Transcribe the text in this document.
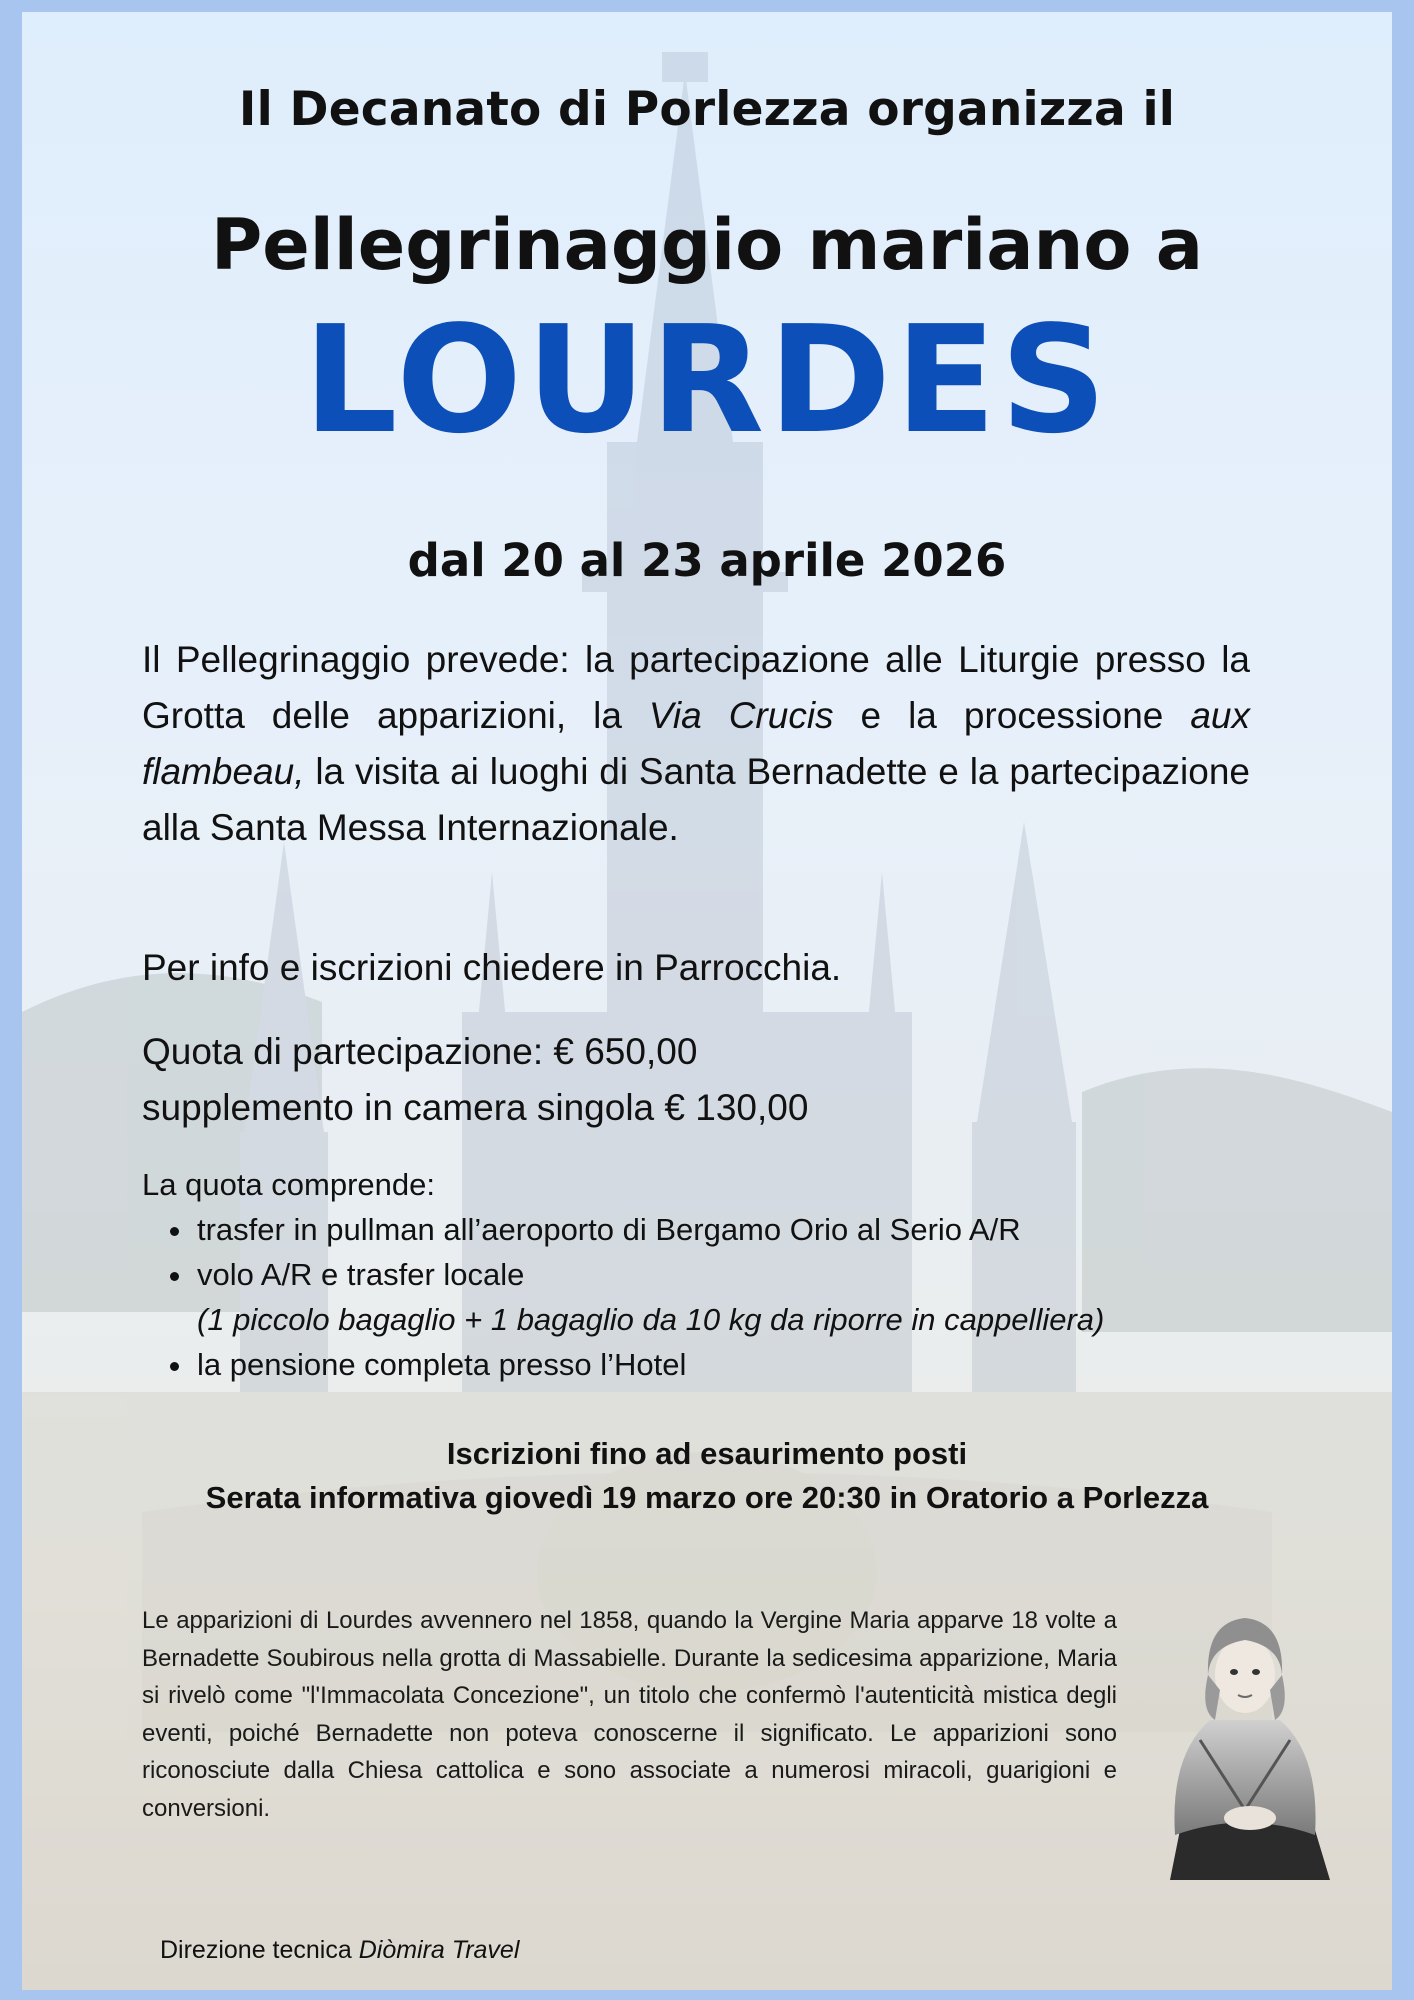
Il Decanato di Porlezza organizza il
Pellegrinaggio mariano a
LOURDES
dal 20 al 23 aprile 2026
Il Pellegrinaggio prevede: la partecipazione alle Liturgie presso la Grotta delle apparizioni, la Via Crucis e la processione aux flambeau, la visita ai luoghi di Santa Bernadette e la partecipazione alla Santa Messa Internazionale.
Per info e iscrizioni chiedere in Parrocchia.
Quota di partecipazione: € 650,00
supplemento in camera singola € 130,00
La quota comprende:
• trasfer in pullman all’aeroporto di Bergamo Orio al Serio A/R
• volo A/R e trasfer locale
(1 piccolo bagaglio + 1 bagaglio da 10 kg da riporre in cappelliera)
• la pensione completa presso l’Hotel
Iscrizioni fino ad esaurimento posti
Serata informativa giovedì 19 marzo ore 20:30 in Oratorio a Porlezza
Le apparizioni di Lourdes avvennero nel 1858, quando la Vergine Maria apparve 18 volte a Bernadette Soubirous nella grotta di Massabielle. Durante la sedicesima apparizione, Maria si rivelò come "l'Immacolata Concezione", un titolo che confermò l'autenticità mistica degli eventi, poiché Bernadette non poteva conoscerne il significato. Le apparizioni sono riconosciute dalla Chiesa cattolica e sono associate a numerosi miracoli, guarigioni e conversioni.
Direzione tecnica Diòmira Travel
